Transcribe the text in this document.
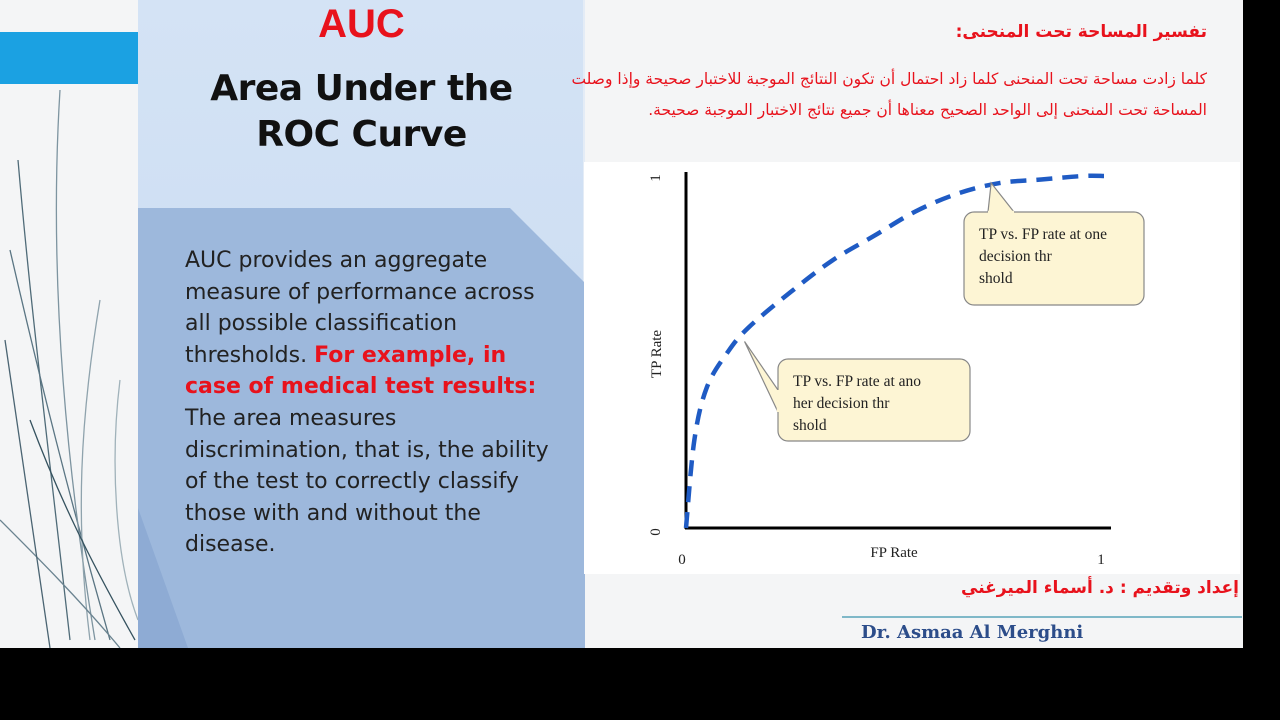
AUC
Area Under the
ROC Curve
AUC provides an aggregate measure of performance across all possible classification thresholds. For example, in case of medical test results: The area measures discrimination, that is, the ability of the test to correctly classify those with and without the disease.
تفسير المساحة تحت المنحنى:
كلما زادت مساحة تحت المنحنى كلما زاد احتمال أن تكون النتائج الموجبة للاختبار صحيحة وإذا وصلت المساحة تحت المنحنى إلى الواحد الصحيح معناها أن جميع نتائج الاختبار الموجبة صحيحة.
0	1
0
1
FP Rate
TP Rate
TP vs. FP rate at one
decision thr
shold
TP vs. FP rate at ano
her decision thr
shold
إعداد وتقديم : د. أسماء الميرغني
Dr. Asmaa Al Merghni
